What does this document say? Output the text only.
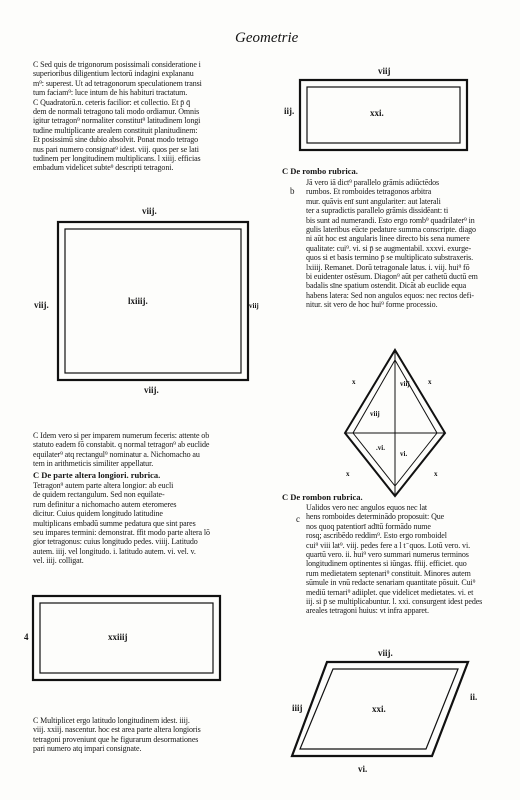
Geometrie

C Sed quis de trigonorum posissimali consideratione i

superioribus diligentium lectorū indagini explananu

m⁹: superest. Ut ad tetragonorum speculationem transi

tum faciam⁹: luce intum de his habituri tractatum.

C Quadratorū.n. ceteris facilior: et collectio. Et p̄ q̄

dem de normali tetragono tali modo ordiamur. Omnis

igitur tetragon⁹ normaliter constitut⁹ latitudinem longi

tudine multiplicante arealem constituit planitudinem:

Et posissimū sine dubio absolvit. Ponat modo tetrago

nus pari numero consignat⁹ idest. viij. quos per se lati

tudinem per longitudinem multiplicans. l xiiij. efficias

embadum videlicet subte⁹ descripti tetragoni.

viij.
lxiiij.
viij.	viij
viij.

C Idem vero si per imparem numerum feceris: attente ob

statuto eadem fõ constabit. q normal tetragon⁹ ab euclide

equilater⁹ atq rectangul⁹ nominatur a. Nichomacho au

tem in arithmeticis similiter appellatur.

C De parte altera longiori. rubrica.

Tetragon⁹ autem parte altera longior: ab eucli

de quidem rectangulum. Sed non equilate-

rum definitur a nichomacho autem eteromeres

dicitur. Cuius quidem longitudo latitudine

multiplicans embadū summe pedatura que sint pares

seu impares termini: demonstrat. ffit modo parte altera lō

gior tetragonus: cuius longitudo pedes. viiij. Latitudo

autem. iiij. vel longitudo. i. latitudo autem. vi. vel. v.

vel. iiij. colligat.

4	xxiiij

C Multiplicet ergo latitudo longitudinem idest. iiij.

viij. xxiij. nascentur. hoc est area parte altera longioris

tetragoni proveniunt que he figurarum desormationes

pari numero atq impari consignate.

viij
iij.	xxi.
C De rombo rubrica.
b

Jā vero iā dict⁹ parallelo grāmis adiūctēdos

rumbos. Et romboides tetragonos arbitra

mur. quāvis enī sunt angulariter: aut laterali

ter a supradictis parallelo grāmis dissidēant: ti

bis sunt ad numerandi. Esto ergo romb⁹ quadrilater⁹ in

gulis lateribus eūcte pedature summa conscripte. diago

ni aūt hoc est angularis linee directo bis sena numere

qualitate: cui⁹. vi. si p̄ se augmentabil. xxxvi. exurge-

quos si et basis termino p̄ se multiplicato substraxeris.

lxiiij. Remanet. Dorū tetragonale latus. i. viij. hui⁹ fō

bi euidenter ostēsum. Diagon⁹ aūt per cathetū ductū em

badalis sīne spatium ostendit. Dicāt ab euclide equa

habens latera: Sed non angulos equos: nec rectos defi-

nitur. sit vero de hoc hui⁹ forme processio.

x	x
x	x
viij
viij
.vi.
vi.
C De rombon rubrica.
c

Ualidos vero nec angulos equos nec lat

hens romboides determinādo proposuit: Que

nos quoq patentiorī adītū formādo nume

rosq; ascribēdo reddim⁹. Esto ergo romboidel

cui⁹ viii lat⁹. viij. pedes fere a l t ̄ quos. Lotū vero. vi.

quartū vero. ii. hui⁹ vero summari numerus terminos

longitudinem optinentes si iūngas. ffiij. efficiet. quo

rum medietatem septenari⁹ constituit. Minores autem

sūmule in vnū redacte senariam quantitate pōsuit. Cui⁹

mediū ternari⁹ adiiplet. que videlicet medietates. vi. et

iij. si p̄ se multiplicabuntur. l. xxi. consurgent idest pedes

areales tetragoni huius: vt infra apparet.

viij.
iiij	xxi.
ii.
vi.
